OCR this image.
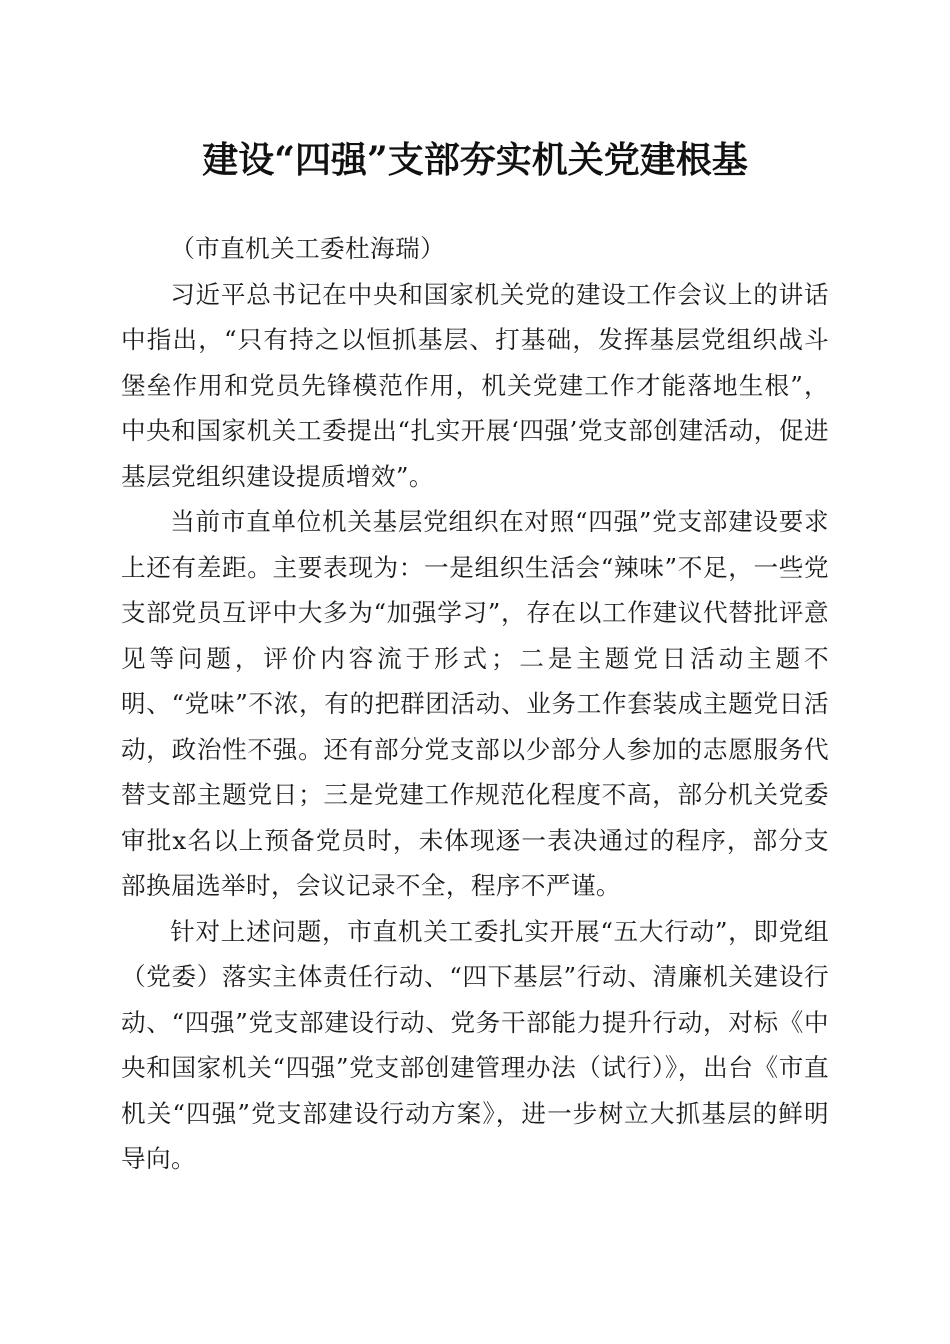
建设“四强”支部夯实机关党建根基

（市直机关工委杜海瑞）

习近平总书记在中央和国家机关党的建设工作会议上的讲话中指出，“只有持之以恒抓基层、打基础，发挥基层党组织战斗堡垒作用和党员先锋模范作用，机关党建工作才能落地生根”，中央和国家机关工委提出“扎实开展‘四强’党支部创建活动，促进基层党组织建设提质增效”。

当前市直单位机关基层党组织在对照“四强”党支部建设要求上还有差距。主要表现为：一是组织生活会“辣味”不足，一些党支部党员互评中大多为“加强学习”，存在以工作建议代替批评意见等问题，评价内容流于形式；二是主题党日活动主题不明、“党味”不浓，有的把群团活动、业务工作套装成主题党日活动，政治性不强。还有部分党支部以少部分人参加的志愿服务代替支部主题党日；三是党建工作规范化程度不高，部分机关党委审批x名以上预备党员时，未体现逐一表决通过的程序，部分支部换届选举时，会议记录不全，程序不严谨。

针对上述问题，市直机关工委扎实开展“五大行动”，即党组（党委）落实主体责任行动、“四下基层”行动、清廉机关建设行动、“四强”党支部建设行动、党务干部能力提升行动，对标《中央和国家机关“四强”党支部创建管理办法（试行）》，出台《市直机关“四强”党支部建设行动方案》，进一步树立大抓基层的鲜明导向。
